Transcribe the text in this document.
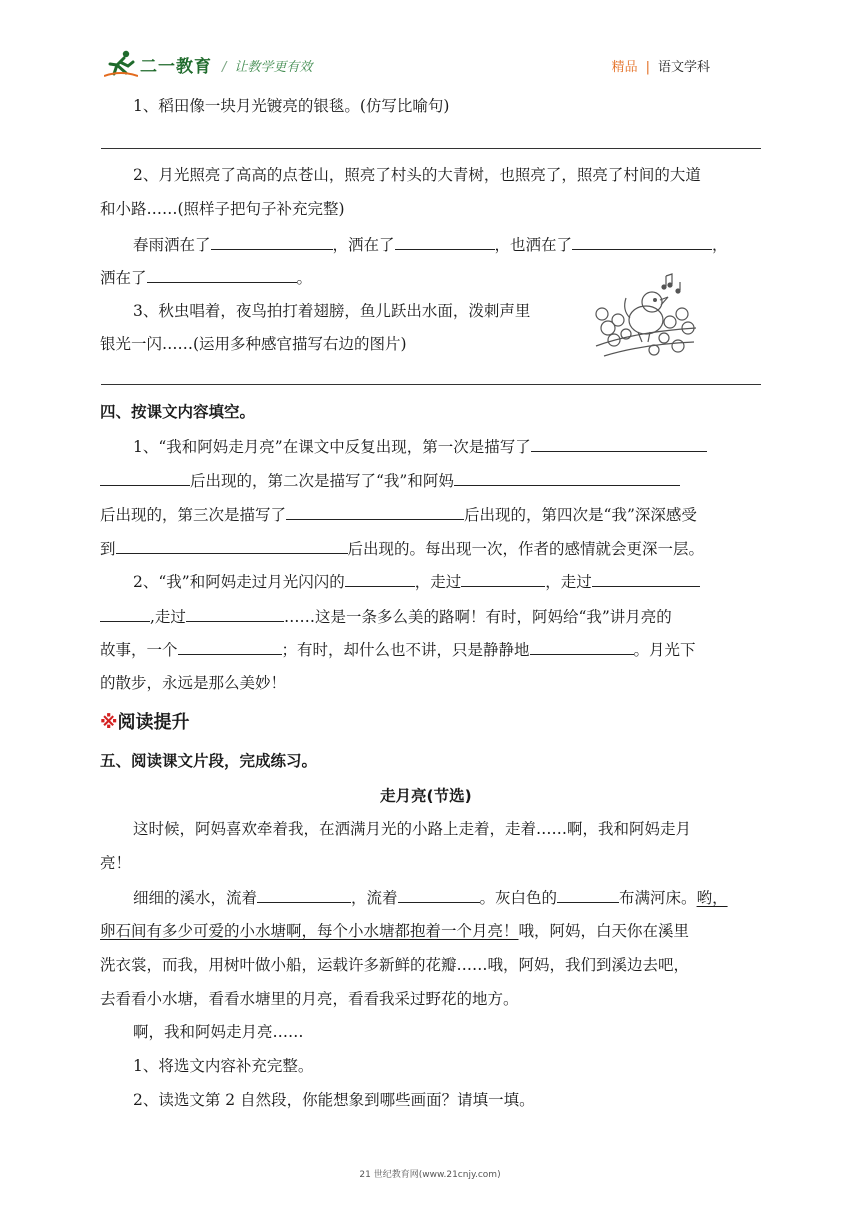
二一教育 / 让教学更有效	精品 | 语文学科
1、稻田像一块月光镀亮的银毯。(仿写比喻句)
2、月光照亮了高高的点苍山，照亮了村头的大青树，也照亮了，照亮了村间的大道
和小路……(照样子把句子补充完整)
春雨洒在了	，洒在了	，也洒在了	，
洒在了	。
3、秋虫唱着，夜鸟拍打着翅膀，鱼儿跃出水面，泼刺声里
银光一闪……(运用多种感官描写右边的图片)
四、按课文内容填空。
1、“我和阿妈走月亮”在课文中反复出现，第一次是描写了
后出现的，第二次是描写了“我”和阿妈
后出现的，第三次是描写了	后出现的，第四次是“我”深深感受
到	后出现的。每出现一次，作者的感情就会更深一层。
2、“我”和阿妈走过月光闪闪的	，走过	，走过
,走过	……这是一条多么美的路啊！有时，阿妈给“我”讲月亮的
故事，一个	；有时，却什么也不讲，只是静静地	。月光下
的散步，永远是那么美妙！
※阅读提升
五、阅读课文片段，完成练习。
走月亮(节选)
这时候，阿妈喜欢牵着我，在洒满月光的小路上走着，走着……啊，我和阿妈走月
亮！
细细的溪水，流着	，流着	。灰白色的	布满河床。哟，
卵石间有多少可爱的小水塘啊，每个小水塘都抱着一个月亮！哦，阿妈，白天你在溪里
洗衣裳，而我，用树叶做小船，运载许多新鲜的花瓣……哦，阿妈，我们到溪边去吧，
去看看小水塘，看看水塘里的月亮，看看我采过野花的地方。
啊，我和阿妈走月亮……
1、将选文内容补充完整。
2、读选文第 2 自然段，你能想象到哪些画面？请填一填。
21 世纪教育网(www.21cnjy.com)
